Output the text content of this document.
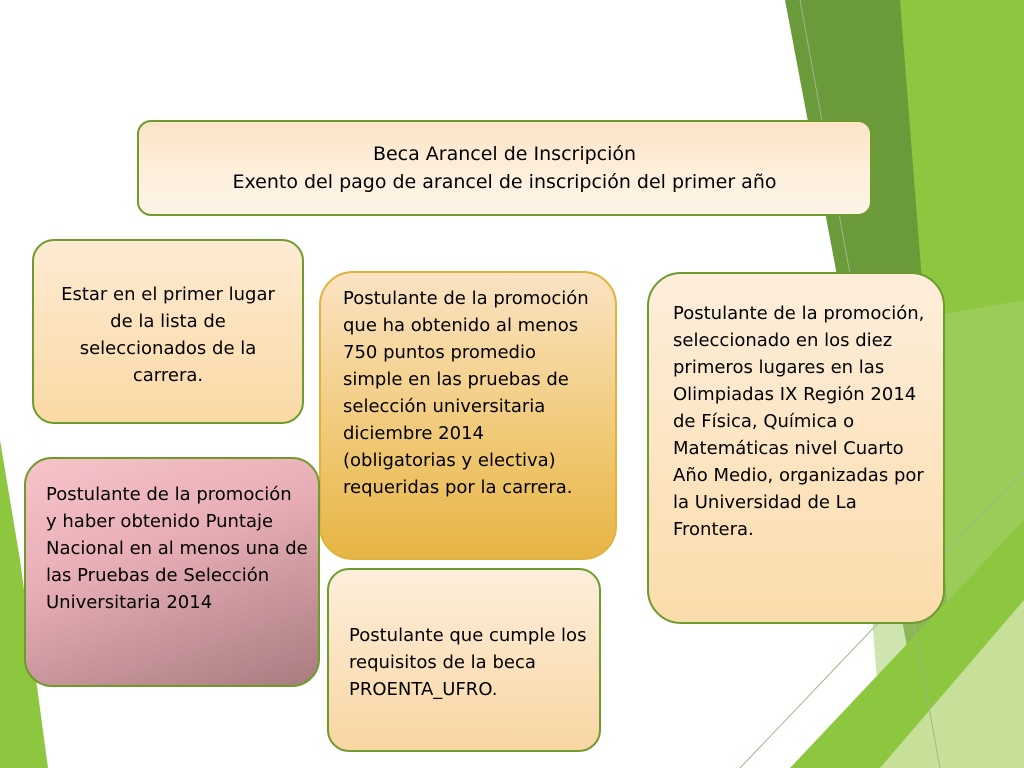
Beca Arancel de Inscripción
Exento del pago de arancel de inscripción del primer año
Estar en el primer lugar de la lista de seleccionados de la carrera.
Postulante de la promoción que ha obtenido al menos 750 puntos promedio simple en las pruebas de selección universitaria diciembre 2014 (obligatorias y electiva) requeridas por la carrera.
Postulante de la promoción, seleccionado en los diez primeros lugares en las Olimpiadas IX Región 2014 de Física, Química o Matemáticas nivel Cuarto Año Medio, organizadas por la Universidad de La Frontera.
Postulante de la promoción y haber obtenido Puntaje Nacional en al menos una de las Pruebas de Selección Universitaria 2014
Postulante que cumple los requisitos de la beca PROENTA_UFRO.
